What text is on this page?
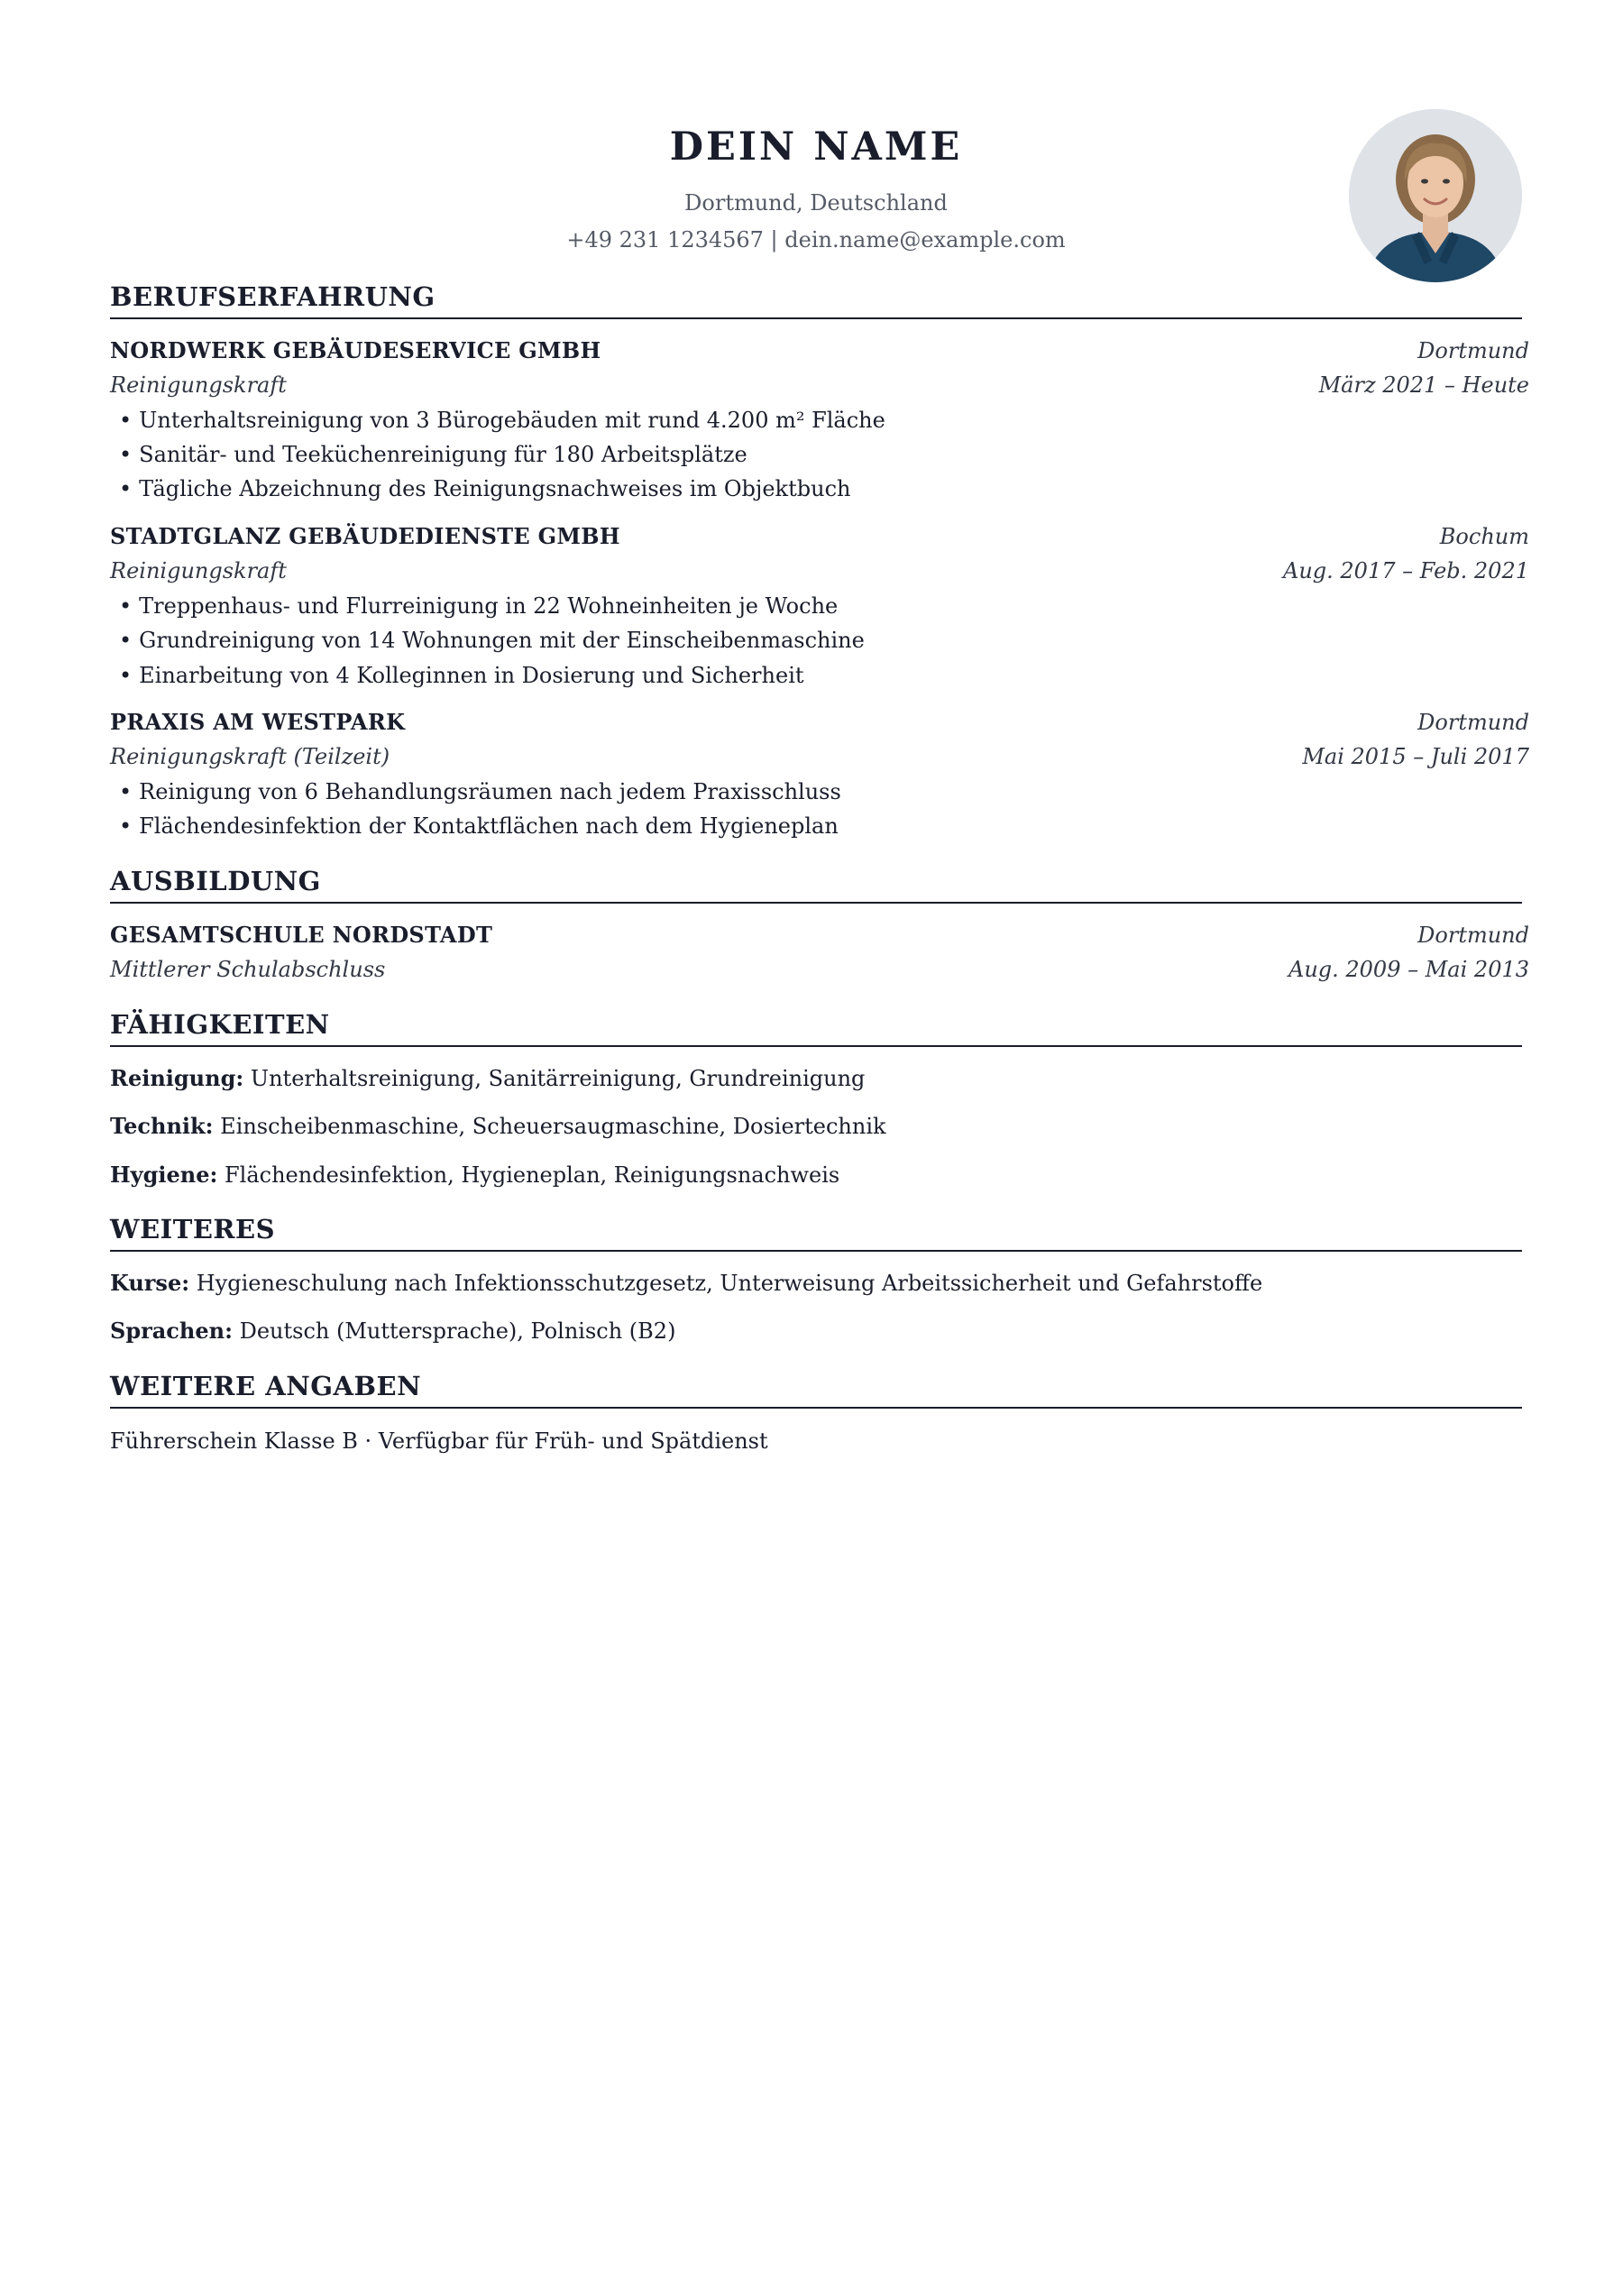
DEIN NAME
Dortmund, Deutschland
+49 231 1234567 | dein.name@example.com
BERUFSERFAHRUNG
NORDWERK GEBÄUDESERVICE GMBH	Dortmund
Reinigungskraft	März 2021 – Heute
• Unterhaltsreinigung von 3 Bürogebäuden mit rund 4.200 m² Fläche
• Sanitär- und Teeküchenreinigung für 180 Arbeitsplätze
• Tägliche Abzeichnung des Reinigungsnachweises im Objektbuch
STADTGLANZ GEBÄUDEDIENSTE GMBH	Bochum
Reinigungskraft	Aug. 2017 – Feb. 2021
• Treppenhaus- und Flurreinigung in 22 Wohneinheiten je Woche
• Grundreinigung von 14 Wohnungen mit der Einscheibenmaschine
• Einarbeitung von 4 Kolleginnen in Dosierung und Sicherheit
PRAXIS AM WESTPARK	Dortmund
Reinigungskraft (Teilzeit)	Mai 2015 – Juli 2017
• Reinigung von 6 Behandlungsräumen nach jedem Praxisschluss
• Flächendesinfektion der Kontaktflächen nach dem Hygieneplan
AUSBILDUNG
GESAMTSCHULE NORDSTADT	Dortmund
Mittlerer Schulabschluss	Aug. 2009 – Mai 2013
FÄHIGKEITEN
Reinigung: Unterhaltsreinigung, Sanitärreinigung, Grundreinigung
Technik: Einscheibenmaschine, Scheuersaugmaschine, Dosiertechnik
Hygiene: Flächendesinfektion, Hygieneplan, Reinigungsnachweis
WEITERES
Kurse: Hygieneschulung nach Infektionsschutzgesetz, Unterweisung Arbeitssicherheit und Gefahrstoffe
Sprachen: Deutsch (Muttersprache), Polnisch (B2)
WEITERE ANGABEN
Führerschein Klasse B · Verfügbar für Früh- und Spätdienst
